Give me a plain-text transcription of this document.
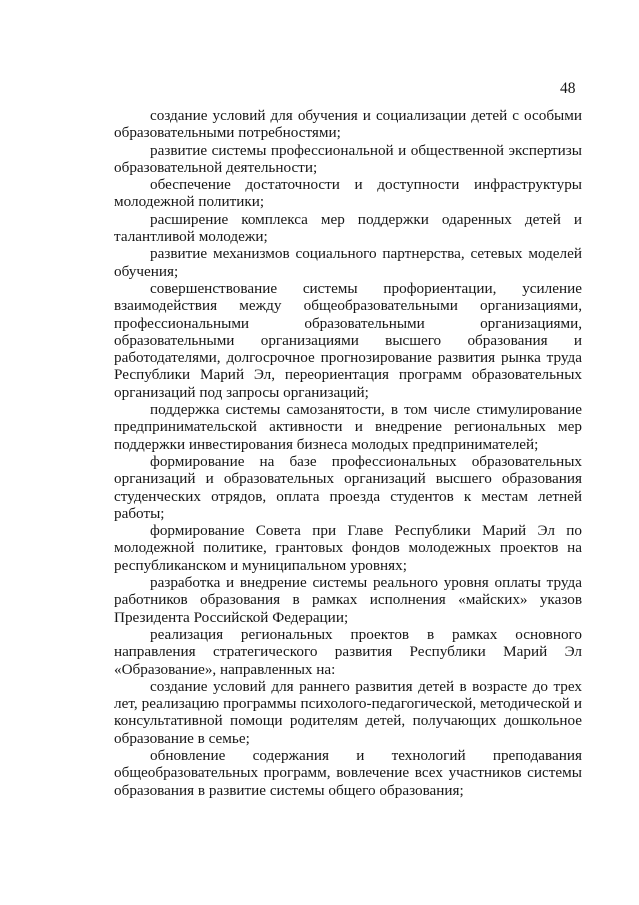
48

создание условий для обучения и социализации детей с особыми образовательными потребностями;

развитие системы профессиональной и общественной экспертизы образовательной деятельности;

обеспечение достаточности и доступности инфраструктуры молодежной политики;

расширение комплекса мер поддержки одаренных детей и талантливой молодежи;

развитие механизмов социального партнерства, сетевых моделей обучения;

совершенствование системы профориентации, усиление взаимодействия между общеобразовательными организациями, профессиональными образовательными организациями, образовательными организациями высшего образования и работодателями, долгосрочное прогнозирование развития рынка труда Республики Марий Эл, переориентация программ образовательных организаций под запросы организаций;

поддержка системы самозанятости, в том числе стимулирование предпринимательской активности и внедрение региональных мер поддержки инвестирования бизнеса молодых предпринимателей;

формирование на базе профессиональных образовательных организаций и образовательных организаций высшего образования студенческих отрядов, оплата проезда студентов к местам летней работы;

формирование Совета при Главе Республики Марий Эл по молодежной политике, грантовых фондов молодежных проектов на республиканском и муниципальном уровнях;

разработка и внедрение системы реального уровня оплаты труда работников образования в рамках исполнения «майских» указов Президента Российской Федерации;

реализация региональных проектов в рамках основного направления стратегического развития Республики Марий Эл «Образование», направленных на:

создание условий для раннего развития детей в возрасте до трех лет, реализацию программы психолого-педагогической, методической и консультативной помощи родителям детей, получающих дошкольное образование в семье;

обновление содержания и технологий преподавания общеобразовательных программ, вовлечение всех участников системы образования в развитие системы общего образования;
